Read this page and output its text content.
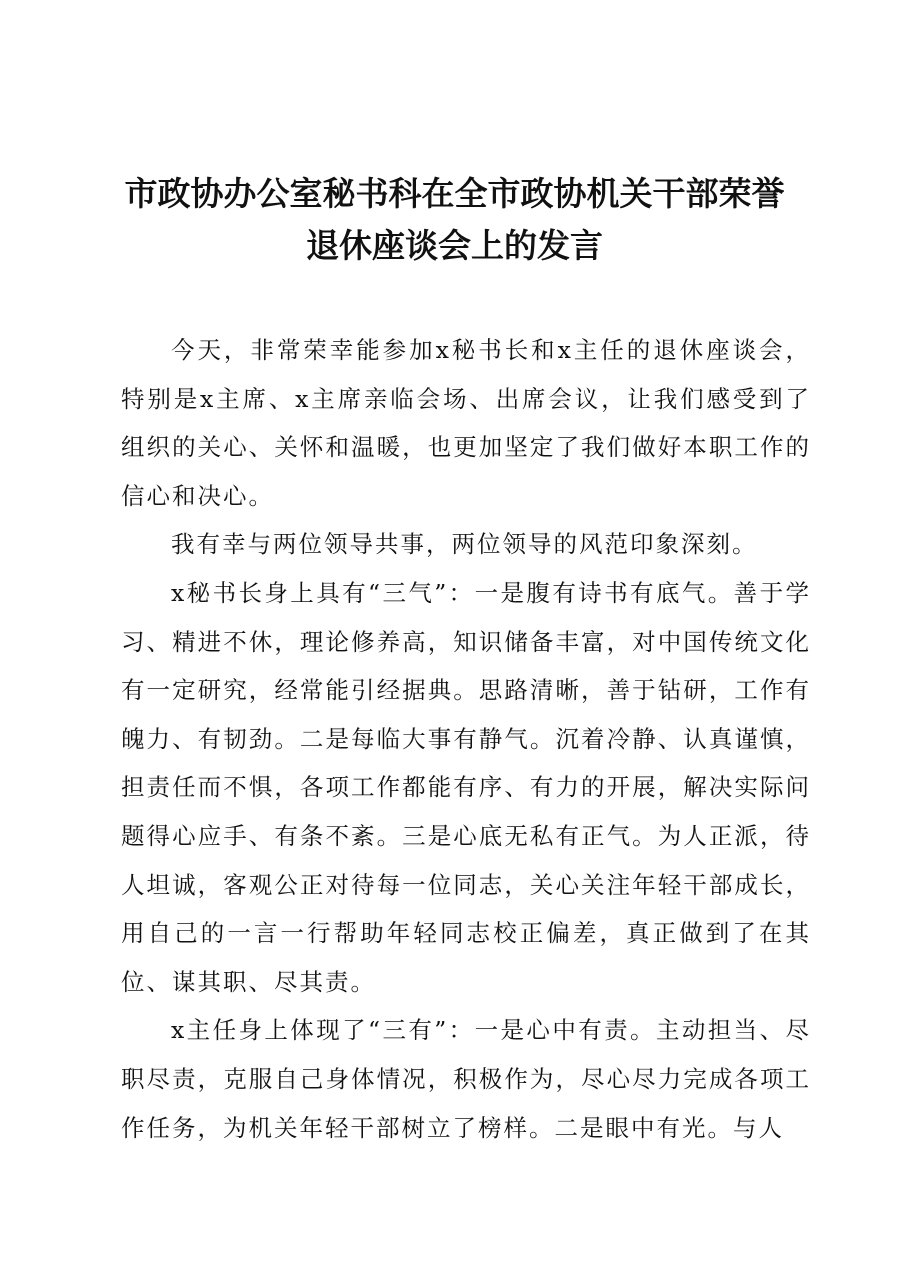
市政协办公室秘书科在全市政协机关干部荣誉
退休座谈会上的发言

今天，非常荣幸能参加x秘书长和x主任的退休座谈会，特别是x主席、x主席亲临会场、出席会议，让我们感受到了组织的关心、关怀和温暖，也更加坚定了我们做好本职工作的信心和决心。

我有幸与两位领导共事，两位领导的风范印象深刻。

x秘书长身上具有“三气”：一是腹有诗书有底气。善于学习、精进不休，理论修养高，知识储备丰富，对中国传统文化有一定研究，经常能引经据典。思路清晰，善于钻研，工作有魄力、有韧劲。二是每临大事有静气。沉着冷静、认真谨慎，担责任而不惧，各项工作都能有序、有力的开展，解决实际问题得心应手、有条不紊。三是心底无私有正气。为人正派，待人坦诚，客观公正对待每一位同志，关心关注年轻干部成长，用自己的一言一行帮助年轻同志校正偏差，真正做到了在其位、谋其职、尽其责。

x主任身上体现了“三有”：一是心中有责。主动担当、尽职尽责，克服自己身体情况，积极作为，尽心尽力完成各项工作任务，为机关年轻干部树立了榜样。二是眼中有光。与人
